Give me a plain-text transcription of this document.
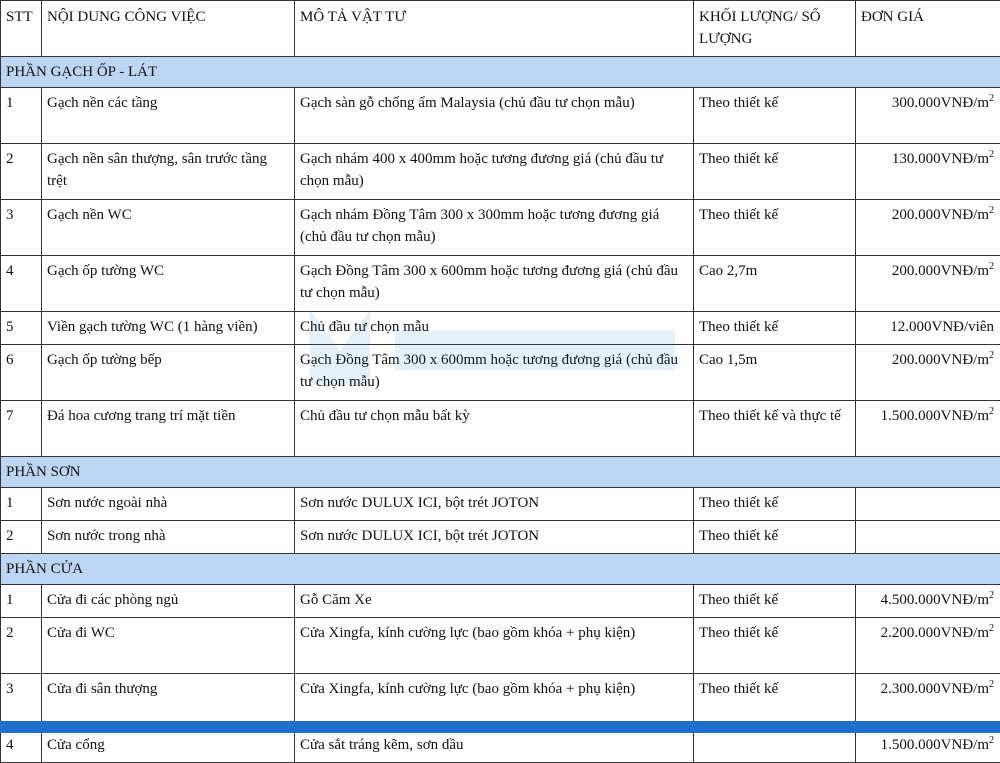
STT	NỘI DUNG CÔNG VIỆC	MÔ TẢ VẬT TƯ	KHỐI LƯỢNG/ SỐ LƯỢNG	ĐƠN GIÁ
PHẦN GẠCH ỐP - LÁT				
1	Gạch nền các tầng	Gạch sàn gỗ chống ẩm Malaysia (chủ đầu tư chọn mẫu)	Theo thiết kế	$300.000VNĐ/m^2$
2	Gạch nền sân thượng, sân trước tầng trệt	Gạch nhám 400 x 400mm hoặc tương đương giá (chủ đầu tư chọn mẫu)	Theo thiết kế	$130.000VNĐ/m^2$
3	Gạch nền WC	Gạch nhám Đồng Tâm 300 x 300mm hoặc tương đương giá (chủ đầu tư chọn mẫu)	Theo thiết kế	$200.000VNĐ/m^2$
4	Gạch ốp tường WC	Gạch Đồng Tâm 300 x 600mm hoặc tương đương giá (chủ đầu tư chọn mẫu)	Cao 2,7m	$200.000VNĐ/m^2$
5	Viền gạch tường WC (1 hàng viền)	Chủ đầu tư chọn mẫu	Theo thiết kế	12.000VNĐ/viên
6	Gạch ốp tường bếp	Gạch Đồng Tâm 300 x 600mm hoặc tương đương giá (chủ đầu tư chọn mẫu)	Cao 1,5m	$200.000VNĐ/m^2$
7	Đá hoa cương trang trí mặt tiền	Chủ đầu tư chọn mẫu bất kỳ	Theo thiết kế và thực tế	$1.500.000VNĐ/m^2$
PHẦN SƠN				
1	Sơn nước ngoài nhà	Sơn nước DULUX ICI, bột trét JOTON	Theo thiết kế	
2	Sơn nước trong nhà	Sơn nước DULUX ICI, bột trét JOTON	Theo thiết kế	
PHẦN CỬA				
1	Cửa đi các phòng ngủ	Gỗ Căm Xe	Theo thiết kế	$4.500.000VNĐ/m^2$
2	Cửa đi WC	Cửa Xingfa, kính cường lực (bao gồm khóa + phụ kiện)	Theo thiết kế	$2.200.000VNĐ/m^2$
3	Cửa đi sân thượng	Cửa Xingfa, kính cường lực (bao gồm khóa + phụ kiện)	Theo thiết kế	$2.300.000VNĐ/m^2$
4	Cửa cổng	Cửa sắt tráng kẽm, sơn dầu		$1.500.000VNĐ/m^2$
